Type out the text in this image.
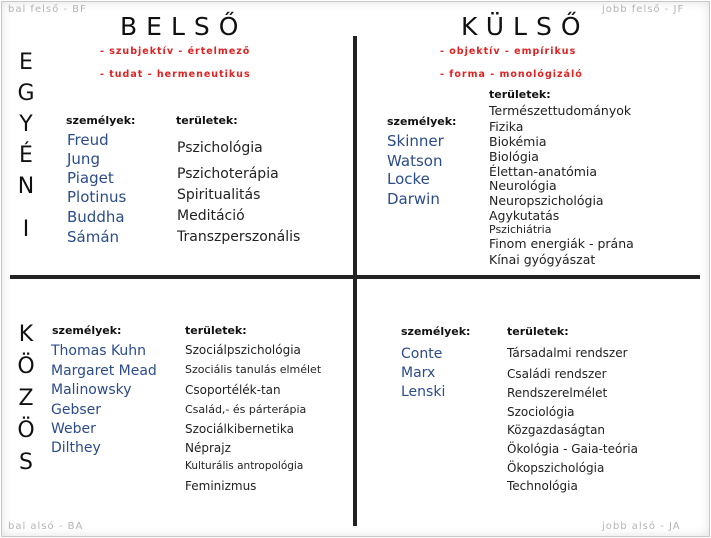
bal felső - BF	jobb felső - JF
bal alsó - BA	jobb alsó - JA
BELSŐ	KÜLSŐ
- szubjektív - értelmező
- tudat - hermeneutikus
- objektív - empírikus
- forma - monológizáló
E
G
Y
É
N
I
K
Ö
Z
Ö
S
személyek:	területek:
Freud
Jung
Piaget
Plotinus
Buddha
Sámán
Pszichológia
Pszichoterápia
Spiritualitás
Meditáció
Transzperszonális
személyek:
területek:
Skinner
Watson
Locke
Darwin
Természettudományok
Fizika
Biokémia
Biológia
Élettan-anatómia
Neurológia
Neuropszichológia
Agykutatás
Pszichiátria
Finom energiák - prána
Kínai gyógyászat
személyek:	területek:
Thomas Kuhn
Margaret Mead
Malinowsky
Gebser
Weber
Dilthey
Szociálpszichológia
Szociális tanulás elmélet
Csoportélék-tan
Család,- és párterápia
Szociálkibernetika
Néprajz
Kulturális antropológia
Feminizmus
személyek:	területek:
Conte
Marx
Lenski
Társadalmi rendszer
Családi rendszer
Rendszerelmélet
Szociológia
Közgazdaságtan
Ökológia - Gaia-teória
Ökopszichológia
Technológia
